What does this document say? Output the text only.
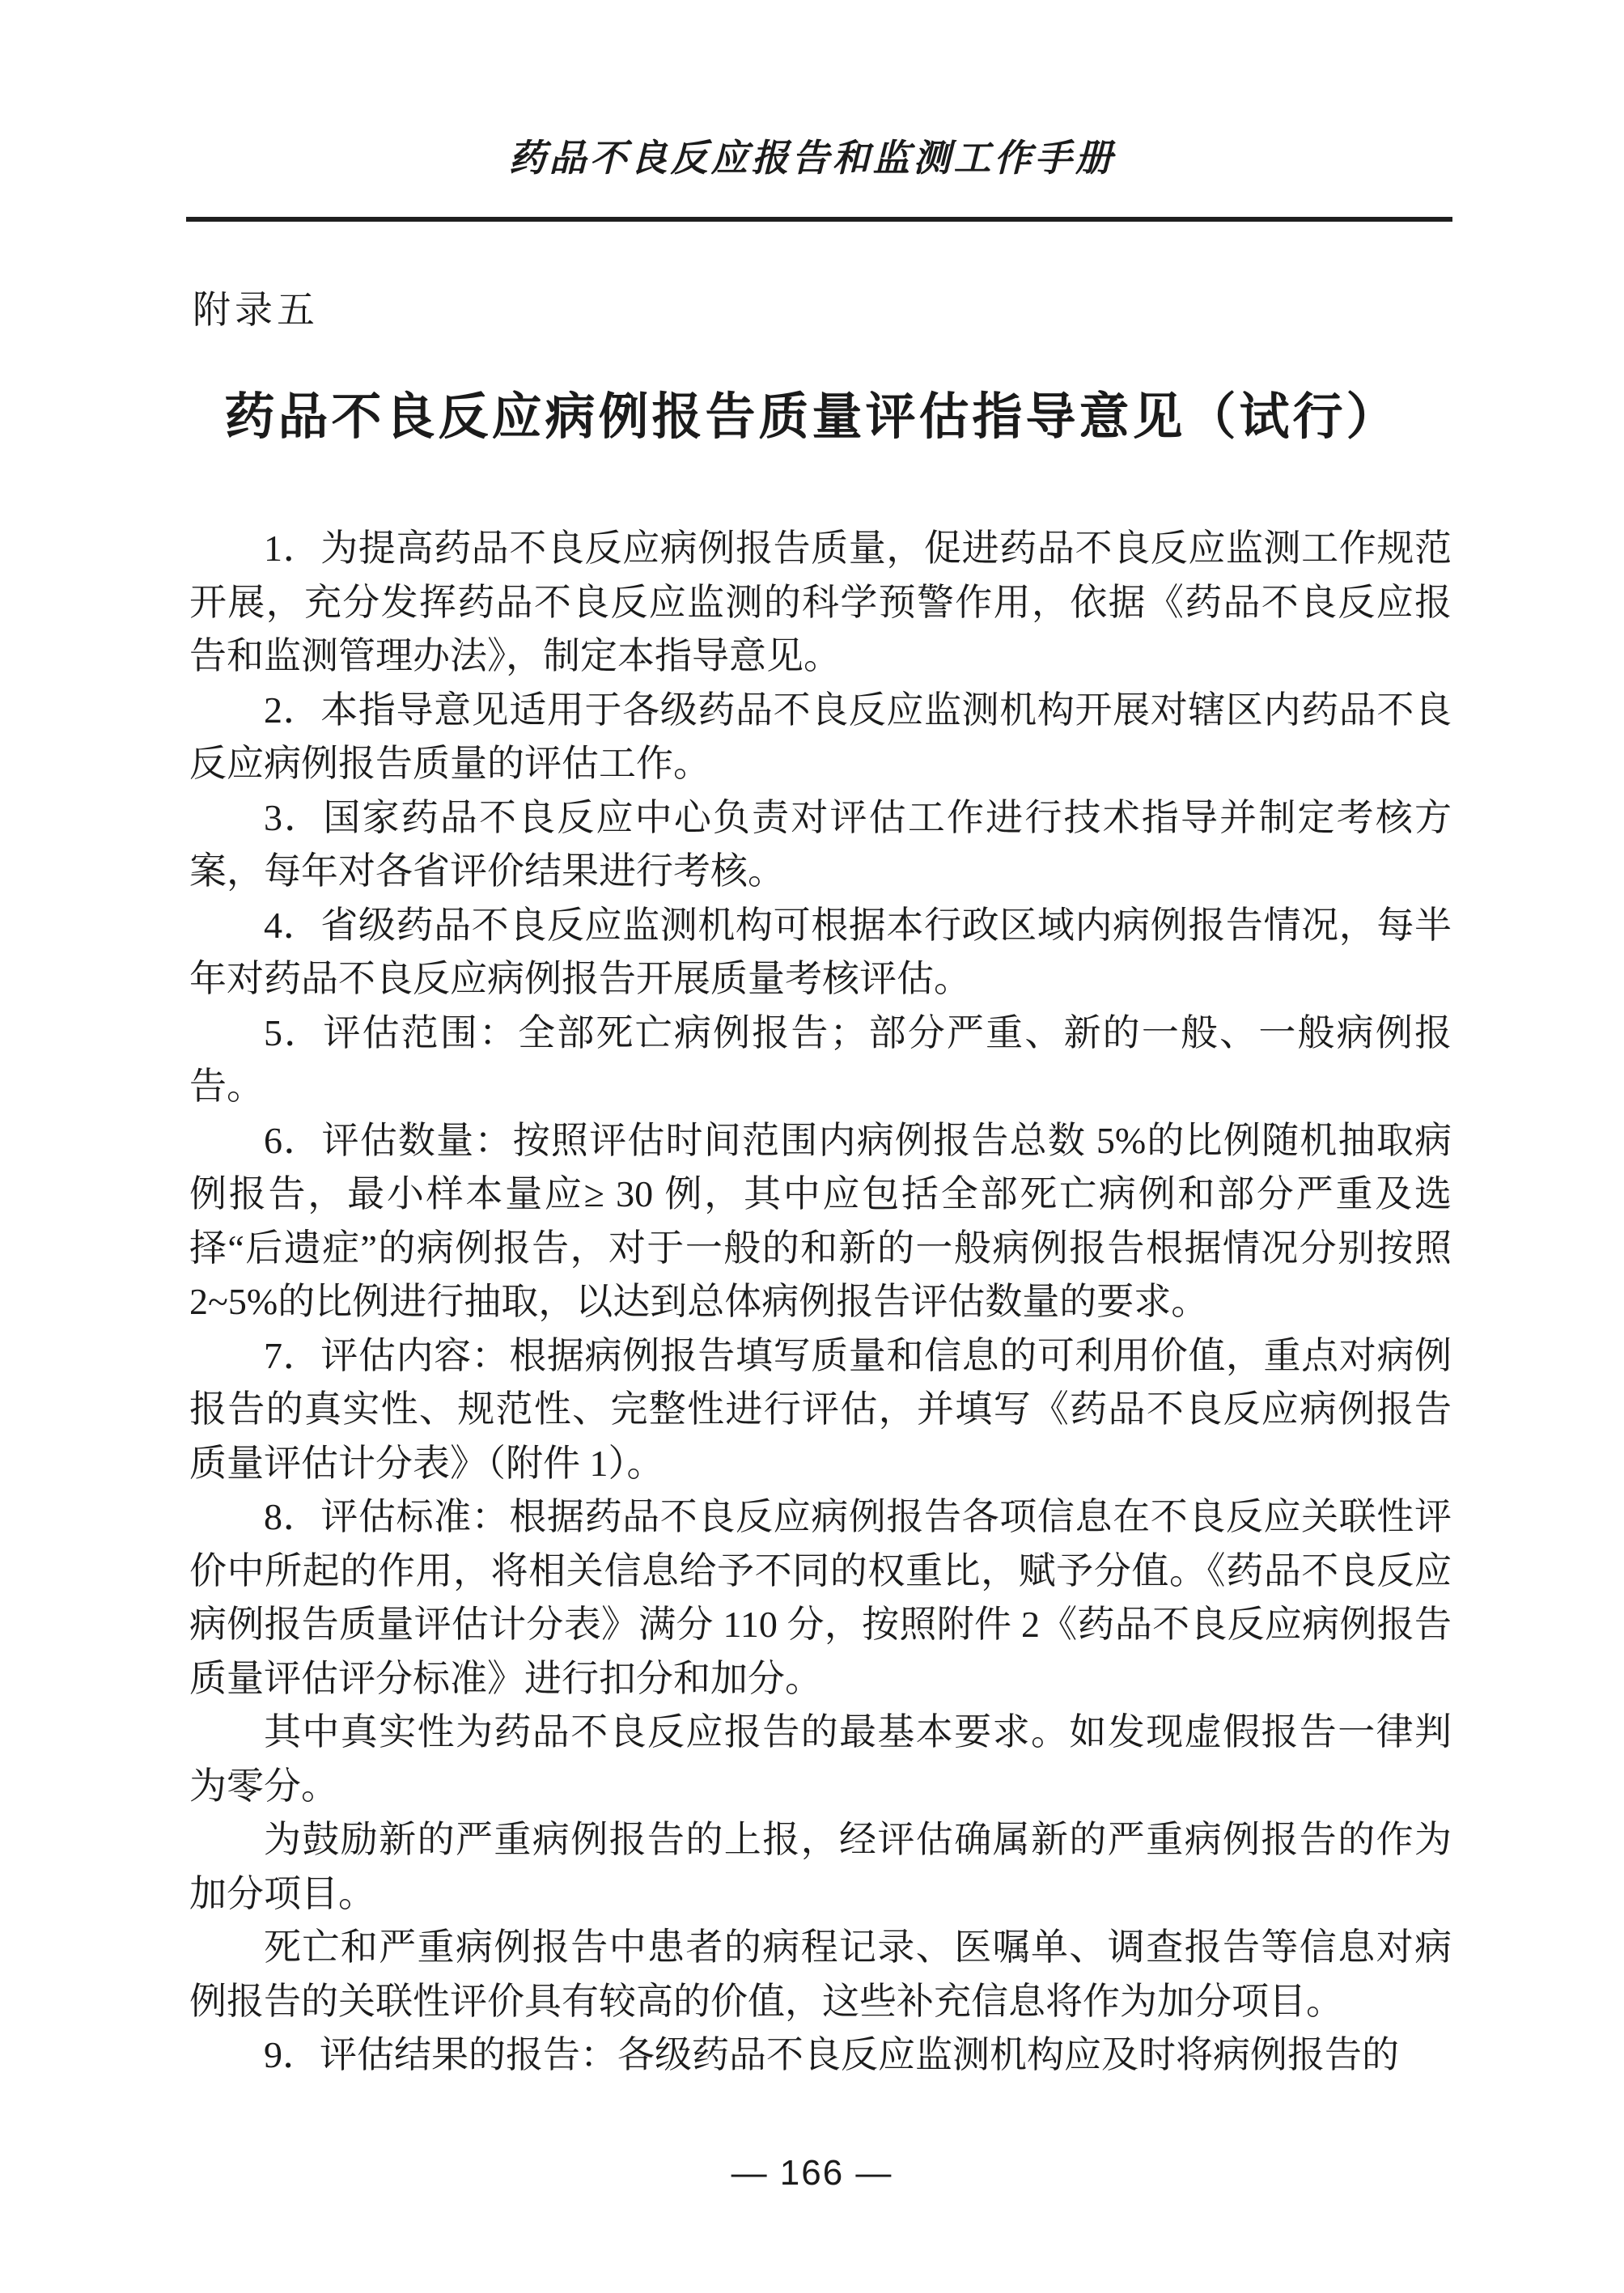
药品不良反应报告和监测工作手册
附录五
药品不良反应病例报告质量评估指导意见（试行）

1．为提高药品不良反应病例报告质量，促进药品不良反应监测工作规范开展，充分发挥药品不良反应监测的科学预警作用，依据《药品不良反应报告和监测管理办法》，制定本指导意见。

2．本指导意见适用于各级药品不良反应监测机构开展对辖区内药品不良反应病例报告质量的评估工作。

3．国家药品不良反应中心负责对评估工作进行技术指导并制定考核方案，每年对各省评价结果进行考核。

4．省级药品不良反应监测机构可根据本行政区域内病例报告情况，每半年对药品不良反应病例报告开展质量考核评估。

5．评估范围：全部死亡病例报告；部分严重、新的一般、一般病例报告。

6．评估数量：按照评估时间范围内病例报告总数 5%的比例随机抽取病例报告，最小样本量应≥ 30 例，其中应包括全部死亡病例和部分严重及选择“后遗症”的病例报告，对于一般的和新的一般病例报告根据情况分别按照2~5%的比例进行抽取，以达到总体病例报告评估数量的要求。

7．评估内容：根据病例报告填写质量和信息的可利用价值，重点对病例报告的真实性、规范性、完整性进行评估，并填写《药品不良反应病例报告质量评估计分表》（附件 1）。

8．评估标准：根据药品不良反应病例报告各项信息在不良反应关联性评价中所起的作用，将相关信息给予不同的权重比，赋予分值。《药品不良反应病例报告质量评估计分表》满分 110 分，按照附件 2《药品不良反应病例报告质量评估评分标准》进行扣分和加分。

其中真实性为药品不良反应报告的最基本要求。如发现虚假报告一律判为零分。

为鼓励新的严重病例报告的上报，经评估确属新的严重病例报告的作为加分项目。

死亡和严重病例报告中患者的病程记录、医嘱单、调查报告等信息对病例报告的关联性评价具有较高的价值，这些补充信息将作为加分项目。

9．评估结果的报告：各级药品不良反应监测机构应及时将病例报告的

— 166 —
